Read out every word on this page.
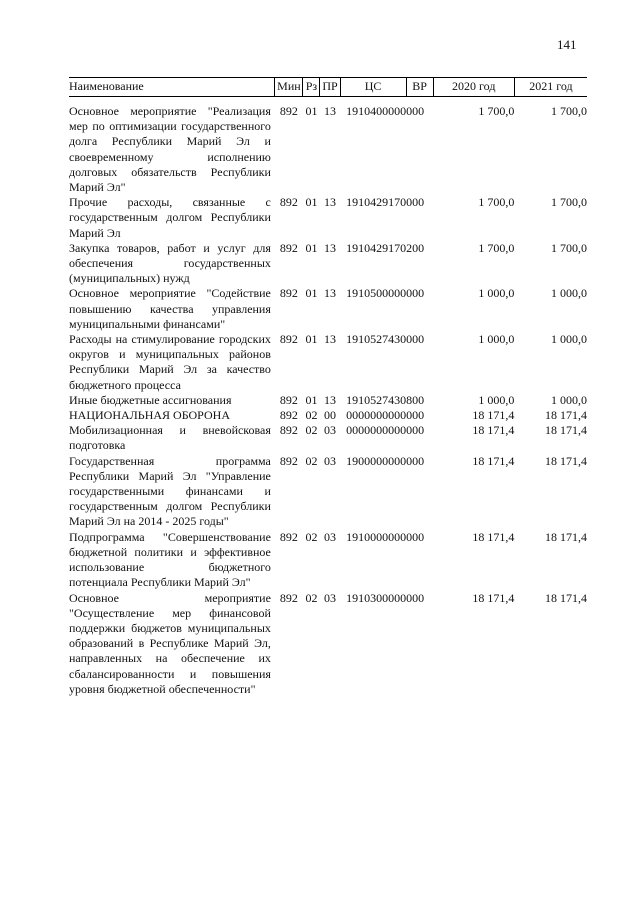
141
Наименование	Мин	Рз	ПР	ЦС	ВР	2020 год	2021 год
Основное мероприятие "Реализация мер по оптимизации государственного долга Республики Марий Эл и своевременному исполнению долговых обязательств Республики Марий Эл"	892	01	13	1910400000	000	1 700,0	1 700,0
Прочие расходы, связанные с государственным долгом Республики Марий Эл	892	01	13	1910429170	000	1 700,0	1 700,0
Закупка товаров, работ и услуг для обеспечения государственных (муниципальных) нужд	892	01	13	1910429170	200	1 700,0	1 700,0
Основное мероприятие "Содействие повышению качества управления муниципальными финансами"	892	01	13	1910500000	000	1 000,0	1 000,0
Расходы на стимулирование городских округов и муниципальных районов Республики Марий Эл за качество бюджетного процесса	892	01	13	1910527430	000	1 000,0	1 000,0
Иные бюджетные ассигнования	892	01	13	1910527430	800	1 000,0	1 000,0
НАЦИОНАЛЬНАЯ ОБОРОНА	892	02	00	0000000000	000	18 171,4	18 171,4
Мобилизационная и вневойсковая подготовка	892	02	03	0000000000	000	18 171,4	18 171,4
Государственная программа Республики Марий Эл "Управление государственными финансами и государственным долгом Республики Марий Эл на 2014 - 2025 годы"	892	02	03	1900000000	000	18 171,4	18 171,4
Подпрограмма "Совершенствование бюджетной политики и эффективное использование бюджетного потенциала Республики Марий Эл"	892	02	03	1910000000	000	18 171,4	18 171,4
Основное мероприятие "Осуществление мер финансовой поддержки бюджетов муниципальных образований в Республике Марий Эл, направленных на обеспечение их сбалансированности и повышения уровня бюджетной обеспеченности"	892	02	03	1910300000	000	18 171,4	18 171,4
